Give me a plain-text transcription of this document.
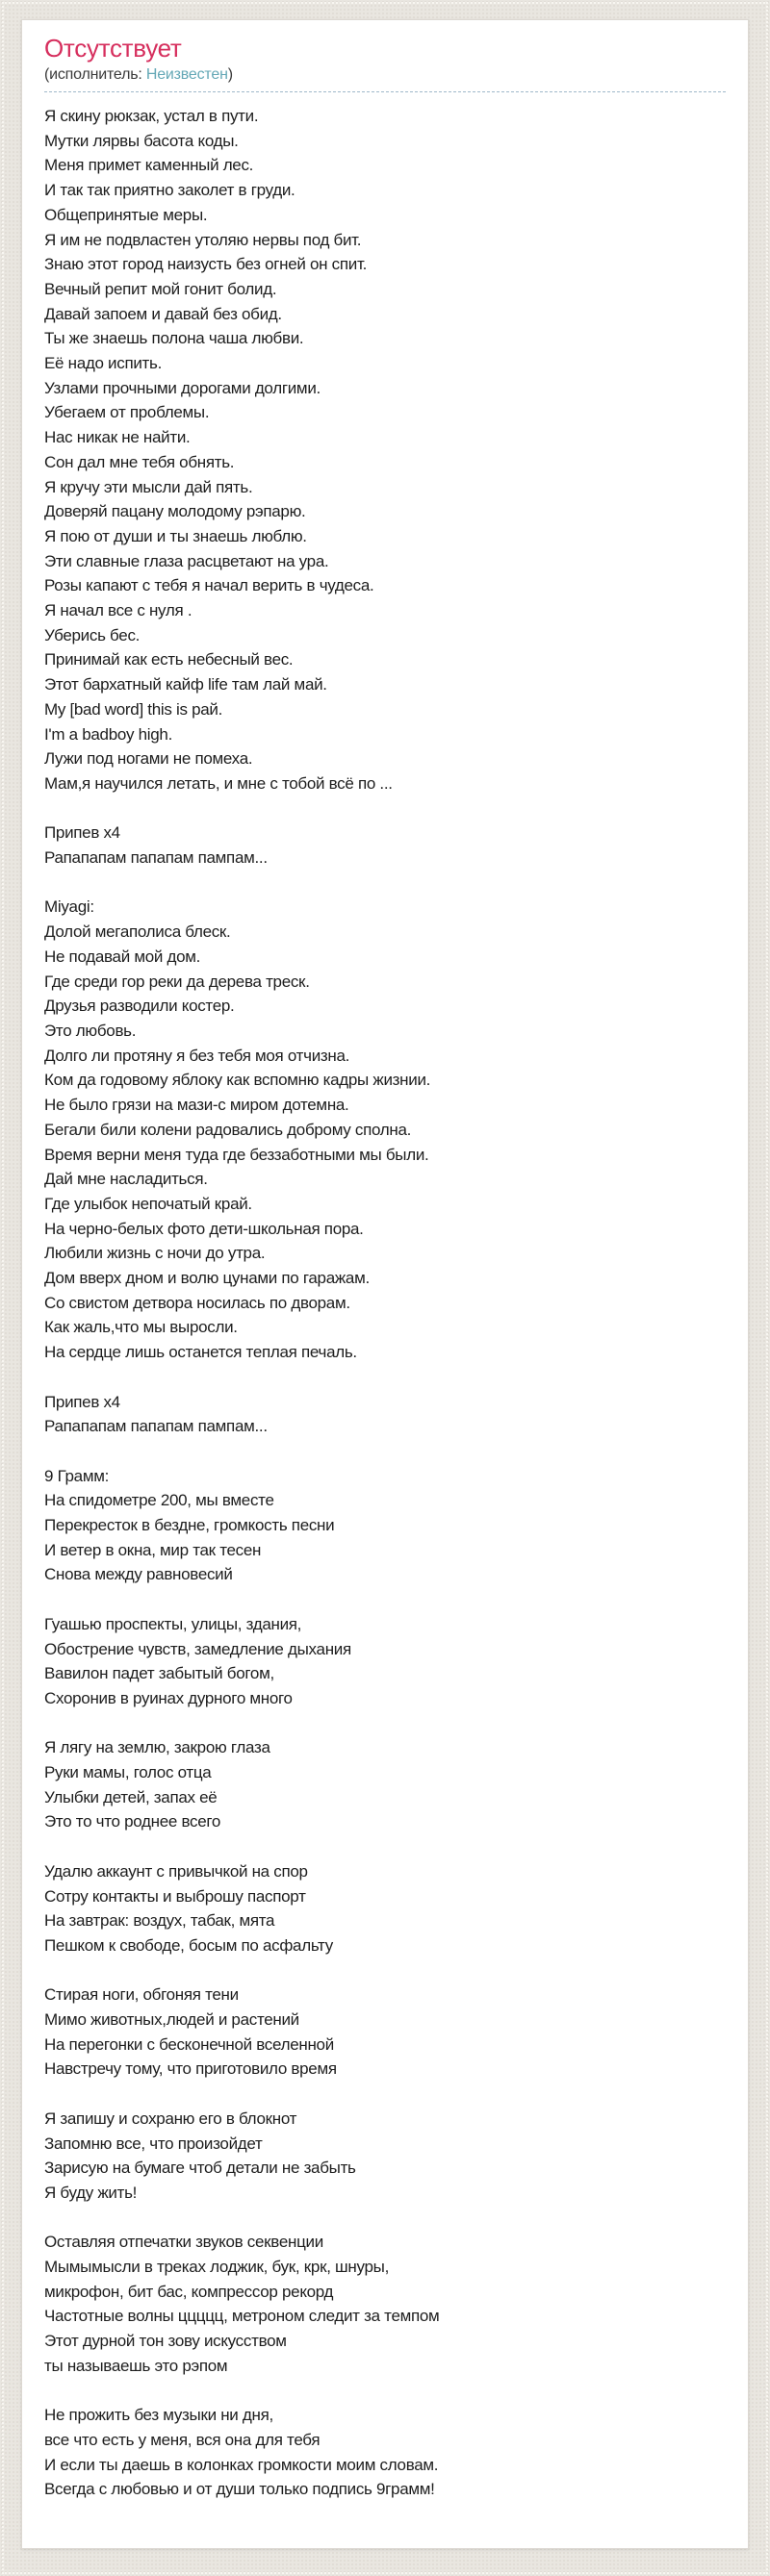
Отсутствует
(исполнитель: Неизвестен)
Я скину рюкзак, устал в пути.
Мутки лярвы басота коды.
Меня примет каменный лес.
И так так приятно заколет в груди.
Общепринятые меры.
Я им не подвластен утоляю нервы под бит.
Знаю этот город наизусть без огней он спит.
Вечный репит мой гонит болид.
Давай запоем и давай без обид.
Ты же знаешь полона чаша любви.
Её надо испить.
Узлами прочными дорогами долгими.
Убегаем от проблемы.
Нас никак не найти.
Сон дал мне тебя обнять.
Я кручу эти мысли дай пять.
Доверяй пацану молодому рэпарю.
Я пою от души и ты знаешь люблю.
Эти славные глаза расцветают на ура.
Розы капают с тебя я начал верить в чудеса.
Я начал все с нуля .
Уберись бес.
Принимай как есть небесный вес.
Этот бархатный кайф life там лай май.
My [bad word] this is рай.
I'm a badboy high.
Лужи под ногами не помеха.
Мам,я научился летать, и мне с тобой всё по ...
Припев x4
Рапапапам папапам пампам...
Miyagi:
Долой мегаполиса блеск.
Не подавай мой дом.
Где среди гор реки да дерева треск.
Друзья разводили костер.
Это любовь.
Долго ли протяну я без тебя моя отчизна.
Ком да годовому яблоку как вспомню кадры жизнии.
Не было грязи на мази-с миром дотемна.
Бегали били колени радовались доброму сполна.
Время верни меня туда где беззаботными мы были.
Дай мне насладиться.
Где улыбок непочатый край.
На черно-белых фото дети-школьная пора.
Любили жизнь с ночи до утра.
Дом вверх дном и волю цунами по гаражам.
Со свистом детвора носилась по дворам.
Как жаль,что мы выросли.
На сердце лишь останется теплая печаль.
Припев x4
Рапапапам папапам пампам...
9 Грамм:
На спидометре 200, мы вместе
Перекресток в бездне, громкость песни
И ветер в окна, мир так тесен
Снова между равновесий
Гуашью проспекты, улицы, здания,
Обострение чувств, замедление дыхания
Вавилон падет забытый богом,
Схоронив в руинах дурного много
Я лягу на землю, закрою глаза
Руки мамы, голос отца
Улыбки детей, запах её
Это то что роднее всего
Удалю аккаунт с привычкой на спор
Сотру контакты и выброшу паспорт
На завтрак: воздух, табак, мята
Пешком к свободе, босым по асфальту
Стирая ноги, обгоняя тени
Мимо животных,людей и растений
На перегонки с бесконечной вселенной
Навстречу тому, что приготовило время
Я запишу и сохраню его в блокнот
Запомню все, что произойдет
Зарисую на бумаге чтоб детали не забыть
Я буду жить!
Оставляя отпечатки звуков секвенции
Мымымысли в треках лоджик, бук, крк, шнуры,
микрофон, бит бас, компрессор рекорд
Частотные волны ццццц, метроном следит за темпом
Этот дурной тон зову искусством
ты называешь это рэпом
Не прожить без музыки ни дня,
все что есть у меня, вся она для тебя
И если ты даешь в колонках громкости моим словам.
Всегда с любовью и от души только подпись 9грамм!
